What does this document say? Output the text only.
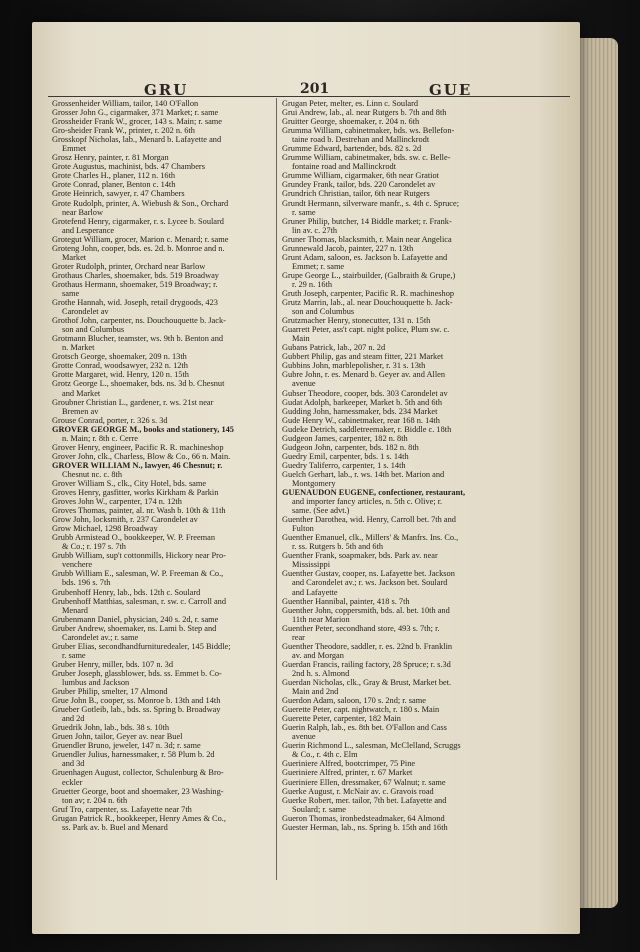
GRU	201	GUE
Grossenheider William, tailor, 140 O'Fallon
Grosser John G., cigarmaker, 371 Market; r. same
Grossheider Frank W., grocer, 143 s. Main; r. same
Gro-sheider Frank W., printer, r. 202 n. 6th
Grosskopf Nicholas, lab., Menard b. Lafayette and
Emmet
Grosz Henry, painter, r. 81 Morgan
Grote Augustus, machinist, bds. 47 Chambers
Grote Charles H., planer, 112 n. 16th
Grote Conrad, planer, Benton c. 14th
Grote Heinrich, sawyer, r. 47 Chambers
Grote Rudolph, printer, A. Wiebush & Son., Orchard
near Barlow
Grotefend Henry, cigarmaker, r. s. Lycee b. Soulard
and Lesperance
Grotegut William, grocer, Marion c. Menard; r. same
Groteng John, cooper, bds. es. 2d. b. Monroe and n.
Market
Groter Rudolph, printer, Orchard near Barlow
Grothaus Charles, shoemaker, bds. 519 Broadway
Grothaus Hermann, shoemaker, 519 Broadway; r.
same
Grothe Hannah, wid. Joseph, retail drygoods, 423
Carondelet av
Grothof John, carpenter, ns. Douchouquette b. Jack-
son and Columbus
Grotmann Blucher, teamster, ws. 9th b. Benton and
n. Market
Grotsch George, shoemaker, 209 n. 13th
Grotte Conrad, woodsawyer, 232 n. 12th
Grotte Margaret, wid. Henry, 120 n. 15th
Grotz George L., shoemaker, bds. ns. 3d b. Chesnut
and Market
Groubner Christian L., gardener, r. ws. 21st near
Bremen av
Grouse Conrad, porter, r. 326 s. 3d
GROVER GEORGE M., books and stationery, 145
n. Main; r. 8th c. Cerre
Grover Henry, engineer, Pacific R. R. machineshop
Grover John, clk., Charless, Blow & Co., 66 n. Main.
GROVER WILLIAM N., lawyer, 46 Chesnut; r.
Chesnut nc. c. 8th
Grover William S., clk., City Hotel, bds. same
Groves Henry, gasfitter, works Kirkham & Parkin
Groves John W., carpenter, 174 n. 12th
Groves Thomas, painter, al. nr. Wash b. 10th & 11th
Grow John, locksmith, r. 237 Carondelet av
Grow Michael, 1298 Broadway
Grubb Armistead O., bookkeeper, W. P. Freeman
& Co.; r. 197 s. 7th
Grubb William, sup't cottonmills, Hickory near Pro-
venchere
Grubb William E., salesman, W. P. Freeman & Co.,
bds. 196 s. 7th
Grubenhoff Henry, lab., bds. 12th c. Soulard
Grubenhoff Matthias, salesman, r. sw. c. Carroll and
Menard
Grubenmann Daniel, physician, 240 s. 2d, r. same
Gruber Andrew, shoemaker, ns. Lami b. Step and
Carondelet av.; r. same
Gruber Elias, secondhandfurnituredealer, 145 Biddle;
r. same
Gruber Henry, miller, bds. 107 n. 3d
Gruber Joseph, glassblower, bds. ss. Emmet b. Co-
lumbus and Jackson
Gruber Philip, smelter, 17 Almond
Grue John B., cooper, ss. Monroe b. 13th and 14th
Grueber Gotleib, lab., bds. ss. Spring b. Broadway
and 2d
Gruedrik John, lab., bds. 38 s. 10th
Gruen John, tailor, Geyer av. near Buel
Gruendler Bruno, jeweler, 147 n. 3d; r. same
Gruendler Julius, harnessmaker, r. 58 Plum b. 2d
and 3d
Gruenhagen August, collector, Schulenburg & Bro-
eckler
Gruetter George, boot and shoemaker, 23 Washing-
ton av; r. 204 n. 6th
Gruf Tro, carpenter, ss. Lafayette near 7th
Grugan Patrick R., bookkeeper, Henry Ames & Co.,
ss. Park av. b. Buel and Menard
Grugan Peter, melter, es. Linn c. Soulard
Grui Andrew, lab., al. near Rutgers b. 7th and 8th
Gruitter George, shoemaker, r. 204 n. 6th
Grumma William, cabinetmaker, bds. ws. Bellefon-
taine road b. Destrehan and Mallinckrodt
Grumme Edward, bartender, bds. 82 s. 2d
Grumme William, cabinetmaker, bds. sw. c. Belle-
fontaine road and Mallinckrodt
Grumme William, cigarmaker, 6th near Gratiot
Grundey Frank, tailor, bds. 220 Carondelet av
Grundrich Christian, tailor, 6th near Rutgers
Grundt Hermann, silverware manfr., s. 4th c. Spruce;
r. same
Gruner Philip, butcher, 14 Biddle market; r. Frank-
lin av. c. 27th
Gruner Thomas, blacksmith, r. Main near Angelica
Grunnewald Jacob, painter, 227 n. 13th
Grunt Adam, saloon, es. Jackson b. Lafayette and
Emmet; r. same
Grupe George L., stairbuilder, (Galbraith & Grupe,)
r. 29 n. 16th
Gruth Joseph, carpenter, Pacific R. R. machineshop
Grutz Marrin, lab., al. near Douchouquette b. Jack-
son and Columbus
Grutzmacher Henry, stonecutter, 131 n. 15th
Guarrett Peter, ass't capt. night police, Plum sw. c.
Main
Gubans Patrick, lab., 207 n. 2d
Gubbert Philip, gas and steam fitter, 221 Market
Gubbins John, marblepolisher, r. 31 s. 13th
Gubre John, r. es. Menard b. Geyer av. and Allen
avenue
Gubser Theodore, cooper, bds. 303 Carondelet av
Gudat Adolph, barkeeper, Market b. 5th and 6th
Gudding John, harnessmaker, bds. 234 Market
Gude Henry W., cabinetmaker, rear 168 n. 14th
Gudeke Detrich, saddletreemaker, r. Biddle c. 18th
Gudgeon James, carpenter, 182 n. 8th
Gudgeon John, carpenter, bds. 182 n. 8th
Guedry Emil, carpenter, bds. 1 s. 14th
Guedry Taliferro, carpenter, 1 s. 14th
Guelch Gerhart, lab., r. ws. 14th bet. Marion and
Montgomery
GUENAUDON EUGENE, confectioner, restaurant,
and importer fancy articles, n. 5th c. Olive; r.
same. (See advt.)
Guenther Darothea, wid. Henry, Carroll bet. 7th and
Fulton
Guenther Emanuel, clk., Millers' & Manfrs. Ins. Co.,
r. ss. Rutgers b. 5th and 6th
Guenther Frank, soapmaker, bds. Park av. near
Mississippi
Guenther Gustav, cooper, ns. Lafayette bet. Jackson
and Carondelet av.; r. ws. Jackson bet. Soulard
and Lafayette
Guenther Hannibal, painter, 418 s. 7th
Guenther John, coppersmith, bds. al. bet. 10th and
11th near Marion
Guenther Peter, secondhand store, 493 s. 7th; r.
rear
Guenther Theodore, saddler, r. es. 22nd b. Franklin
av. and Morgan
Guerdan Francis, railing factory, 28 Spruce; r. s.3d
2nd h. s. Almond
Guerdan Nicholas, clk., Gray & Brust, Market bet.
Main and 2nd
Guerdon Adam, saloon, 170 s. 2nd; r. same
Guerette Peter, capt. nightwatch, r. 180 s. Main
Guerette Peter, carpenter, 182 Main
Guerin Ralph, lab., es. 8th bet. O'Fallon and Cass
avenue
Guerin Richmond L., salesman, McClelland, Scruggs
& Co., r. 4th c. Elm
Gueriniere Alfred, bootcrimper, 75 Pine
Gueriniere Alfred, printer, r. 67 Market
Gueriniere Ellen, dressmaker, 67 Walnut; r. same
Guerke August, r. McNair av. c. Gravois road
Guerke Robert, mer. tailor, 7th bet. Lafayette and
Soulard; r. same
Gueron Thomas, ironbedsteadmaker, 64 Almond
Guester Herman, lab., ns. Spring b. 15th and 16th
